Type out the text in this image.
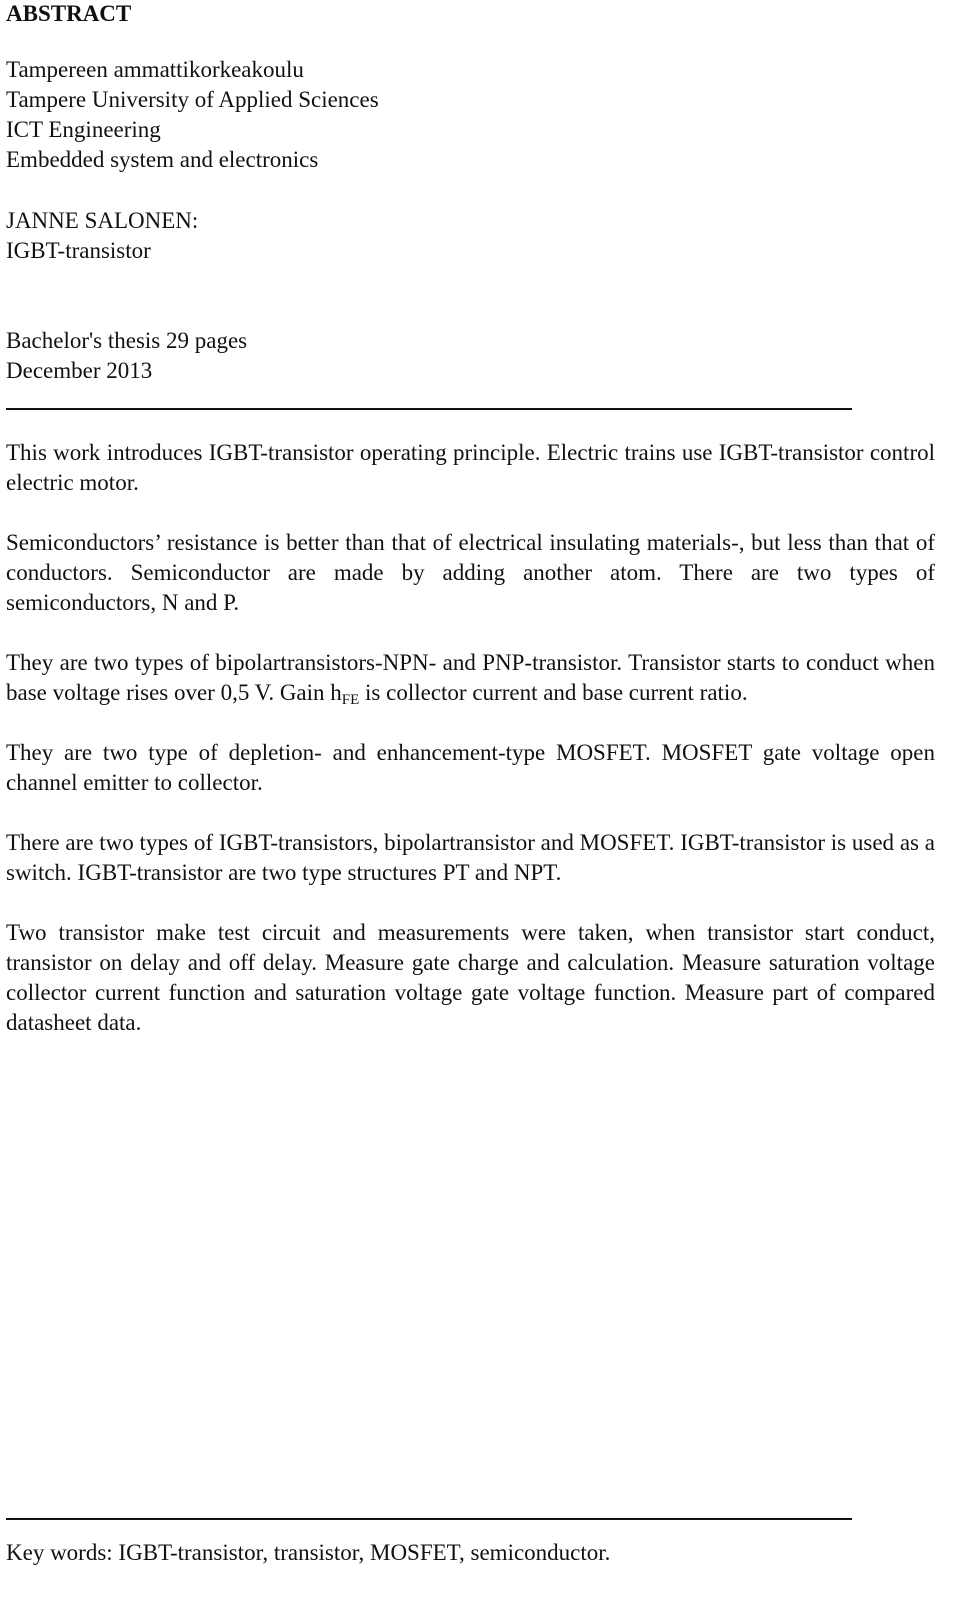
ABSTRACT
Tampereen ammattikorkeakoulu
Tampere University of Applied Sciences
ICT Engineering
Embedded system and electronics
JANNE SALONEN:
IGBT-transistor
Bachelor's thesis 29 pages
December 2013

This work introduces IGBT-transistor operating principle. Electric trains use IGBT-transistor control electric motor.

Semiconductors’ resistance is better than that of electrical insulating materials-, but less than that of conductors. Semiconductor are made by adding another atom. There are two types of semiconductors, N and P.

They are two types of bipolartransistors-NPN- and PNP-transistor. Transistor starts to conduct when base voltage rises over 0,5 V. Gain $h_{FE}$ is collector current and base current ratio.

They are two type of depletion- and enhancement-type MOSFET. MOSFET gate voltage open channel emitter to collector.

There are two types of IGBT-transistors, bipolartransistor and MOSFET. IGBT-transistor is used as a switch. IGBT-transistor are two type structures PT and NPT.

Two transistor make test circuit and measurements were taken, when transistor start conduct, transistor on delay and off delay. Measure gate charge and calculation. Measure saturation voltage collector current function and saturation voltage gate voltage function. Measure part of compared datasheet data.

Key words: IGBT-transistor, transistor, MOSFET, semiconductor.
